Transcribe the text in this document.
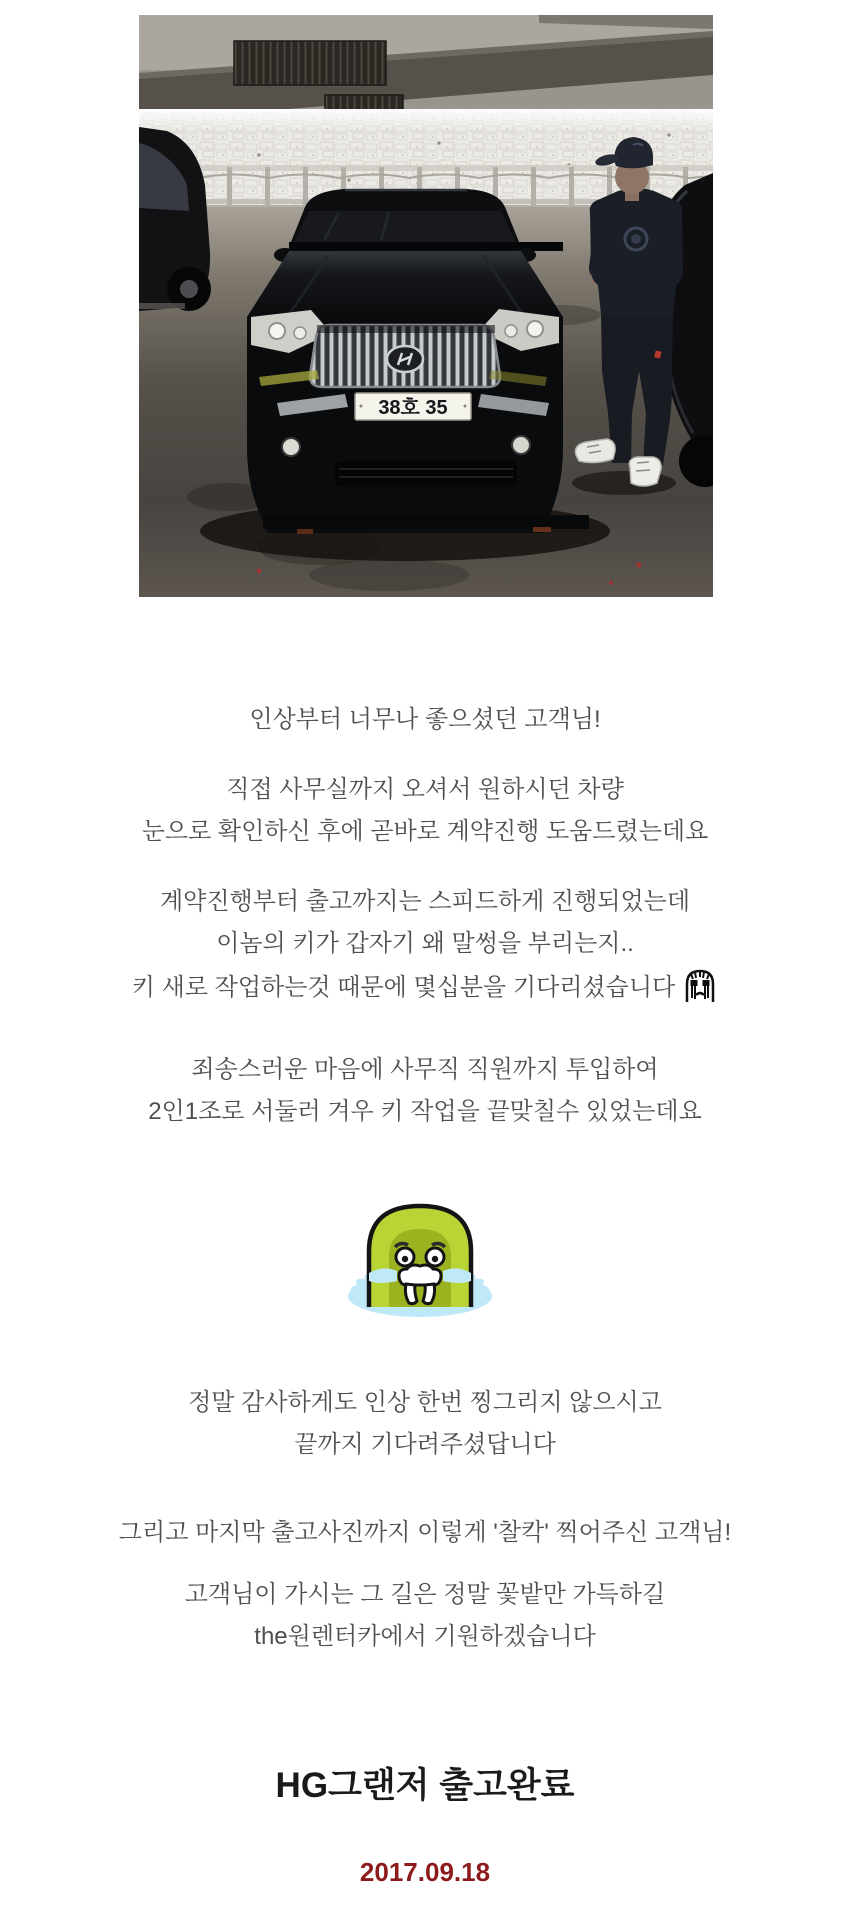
38호 35

인상부터 너무나 좋으셨던 고객님!

직접 사무실까지 오셔서 원하시던 차량

눈으로 확인하신 후에 곧바로 계약진행 도움드렸는데요

계약진행부터 출고까지는 스피드하게 진행되었는데

이놈의 키가 갑자기 왜 말썽을 부리는지..

키 새로 작업하는것 때문에 몇십분을 기다리셨습니다

죄송스러운 마음에 사무직 직원까지 투입하여

2인1조로 서둘러 겨우 키 작업을 끝맞칠수 있었는데요

정말 감사하게도 인상 한번 찡그리지 않으시고

끝까지 기다려주셨답니다

그리고 마지막 출고사진까지 이렇게 '찰칵' 찍어주신 고객님!

고객님이 가시는 그 길은 정말 꽃밭만 가득하길

the원렌터카에서 기원하겠습니다

HG그랜저 출고완료

2017.09.18
